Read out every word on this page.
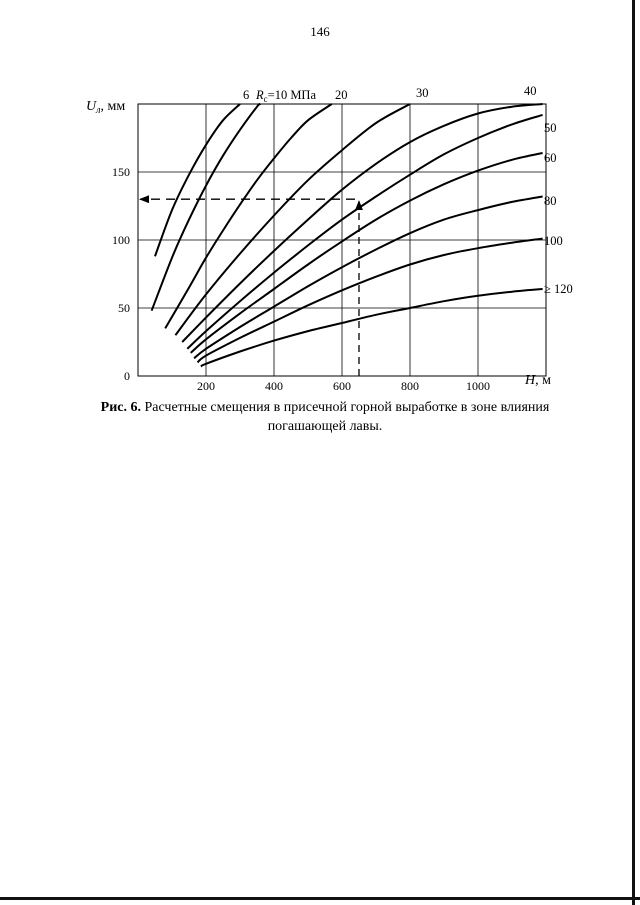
146
200	400	600	800	1000
0
50
100
150
6 $R_с=10$ МПа 20	30	40
50
60
80
100
≥ 120
$U_л$, мм
H, м
Рис. 6. Расчетные смещения в присечной горной выработке в зоне влияния погашающей лавы.
